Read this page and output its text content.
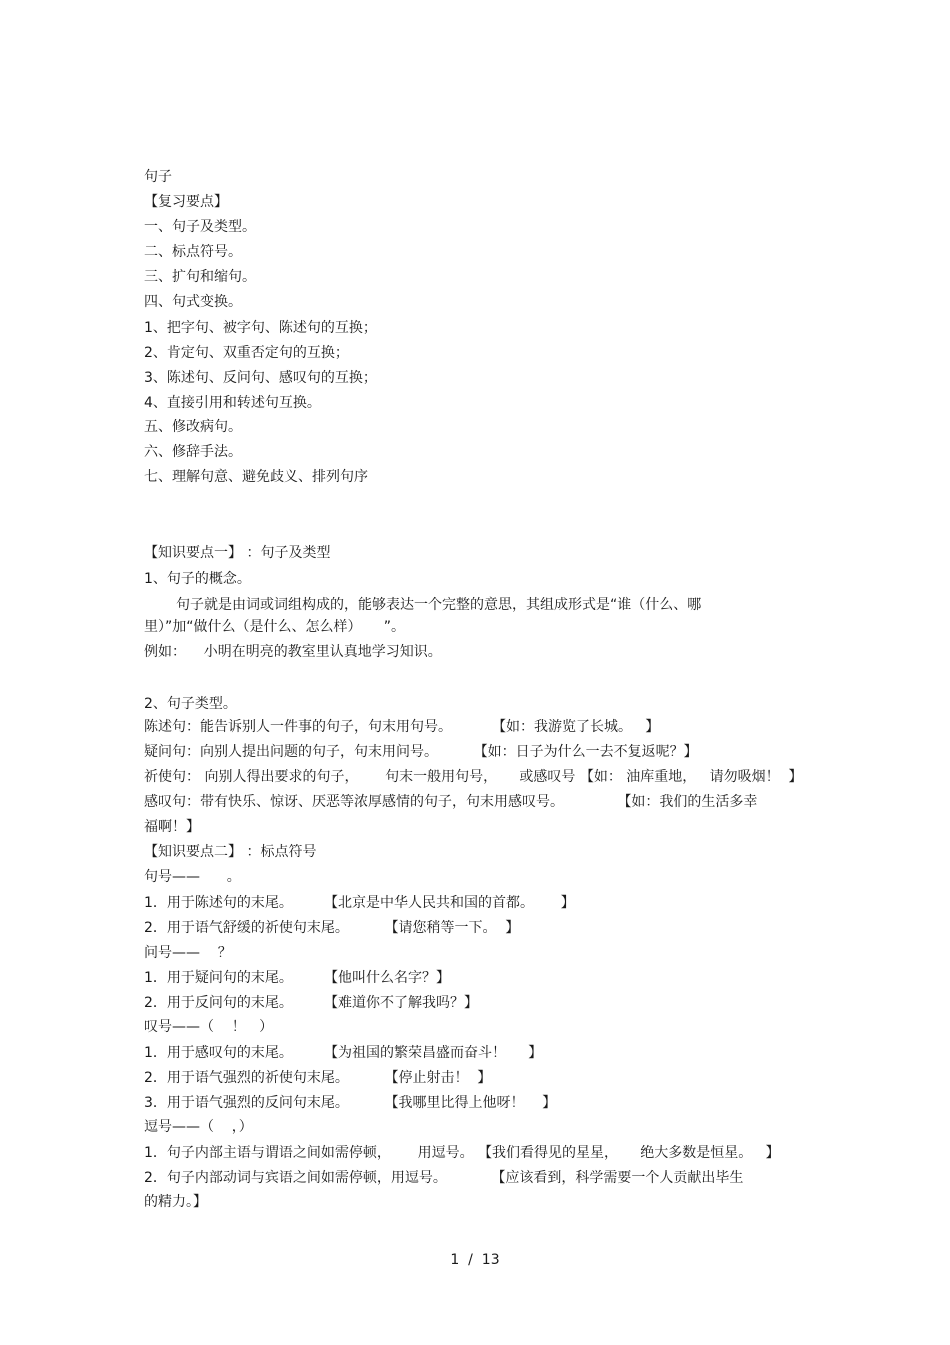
句子

【复习要点】

一、句子及类型。

二、标点符号。

三、扩句和缩句。

四、句式变换。

1、把字句、被字句、陈述句的互换；

2、肯定句、双重否定句的互换；

3、陈述句、反问句、感叹句的互换；

4、直接引用和转述句互换。

五、修改病句。

六、修辞手法。

七、理解句意、避免歧义、排列句序

【知识要点一】 ：句子及类型

1、句子的概念。

句子就是由词或词组构成的，能够表达一个完整的意思，其组成形式是“谁（什么、哪

里）”加“做什么（是什么、怎么样）     ”。

例如：    小明在明亮的教室里认真地学习知识。

2、句子类型。

陈述句：能告诉别人一件事的句子，句末用句号。         【如：我游览了长城。   】

疑问句：向别人提出问题的句子，句末用问号。        【如：日子为什么一去不复返呢？】

祈使句： 向别人得出要求的句子，      句末一般用句号，     或感叹号 【如： 油库重地，   请勿吸烟！  】

感叹句：带有快乐、惊讶、厌恶等浓厚感情的句子，句末用感叹号。            【如：我们的生活多幸

福啊！】

【知识要点二】 ：标点符号

句号——      。

1．用于陈述句的末尾。       【北京是中华人民共和国的首都。      】

2．用于语气舒缓的祈使句末尾。        【请您稍等一下。  】

问号——    ？

1．用于疑问句的末尾。       【他叫什么名字？】

2．用于反问句的末尾。       【难道你不了解我吗？】

叹号——（    ！   ）

1．用于感叹句的末尾。       【为祖国的繁荣昌盛而奋斗！     】

2．用于语气强烈的祈使句末尾。        【停止射击！  】

3．用于语气强烈的反问句末尾。        【我哪里比得上他呀！    】

逗号——（    ，）

1．句子内部主语与谓语之间如需停顿，      用逗号。 【我们看得见的星星，     绝大多数是恒星。   】

2．句子内部动词与宾语之间如需停顿，用逗号。          【应该看到，科学需要一个人贡献出毕生

的精力。】

1  /  13
